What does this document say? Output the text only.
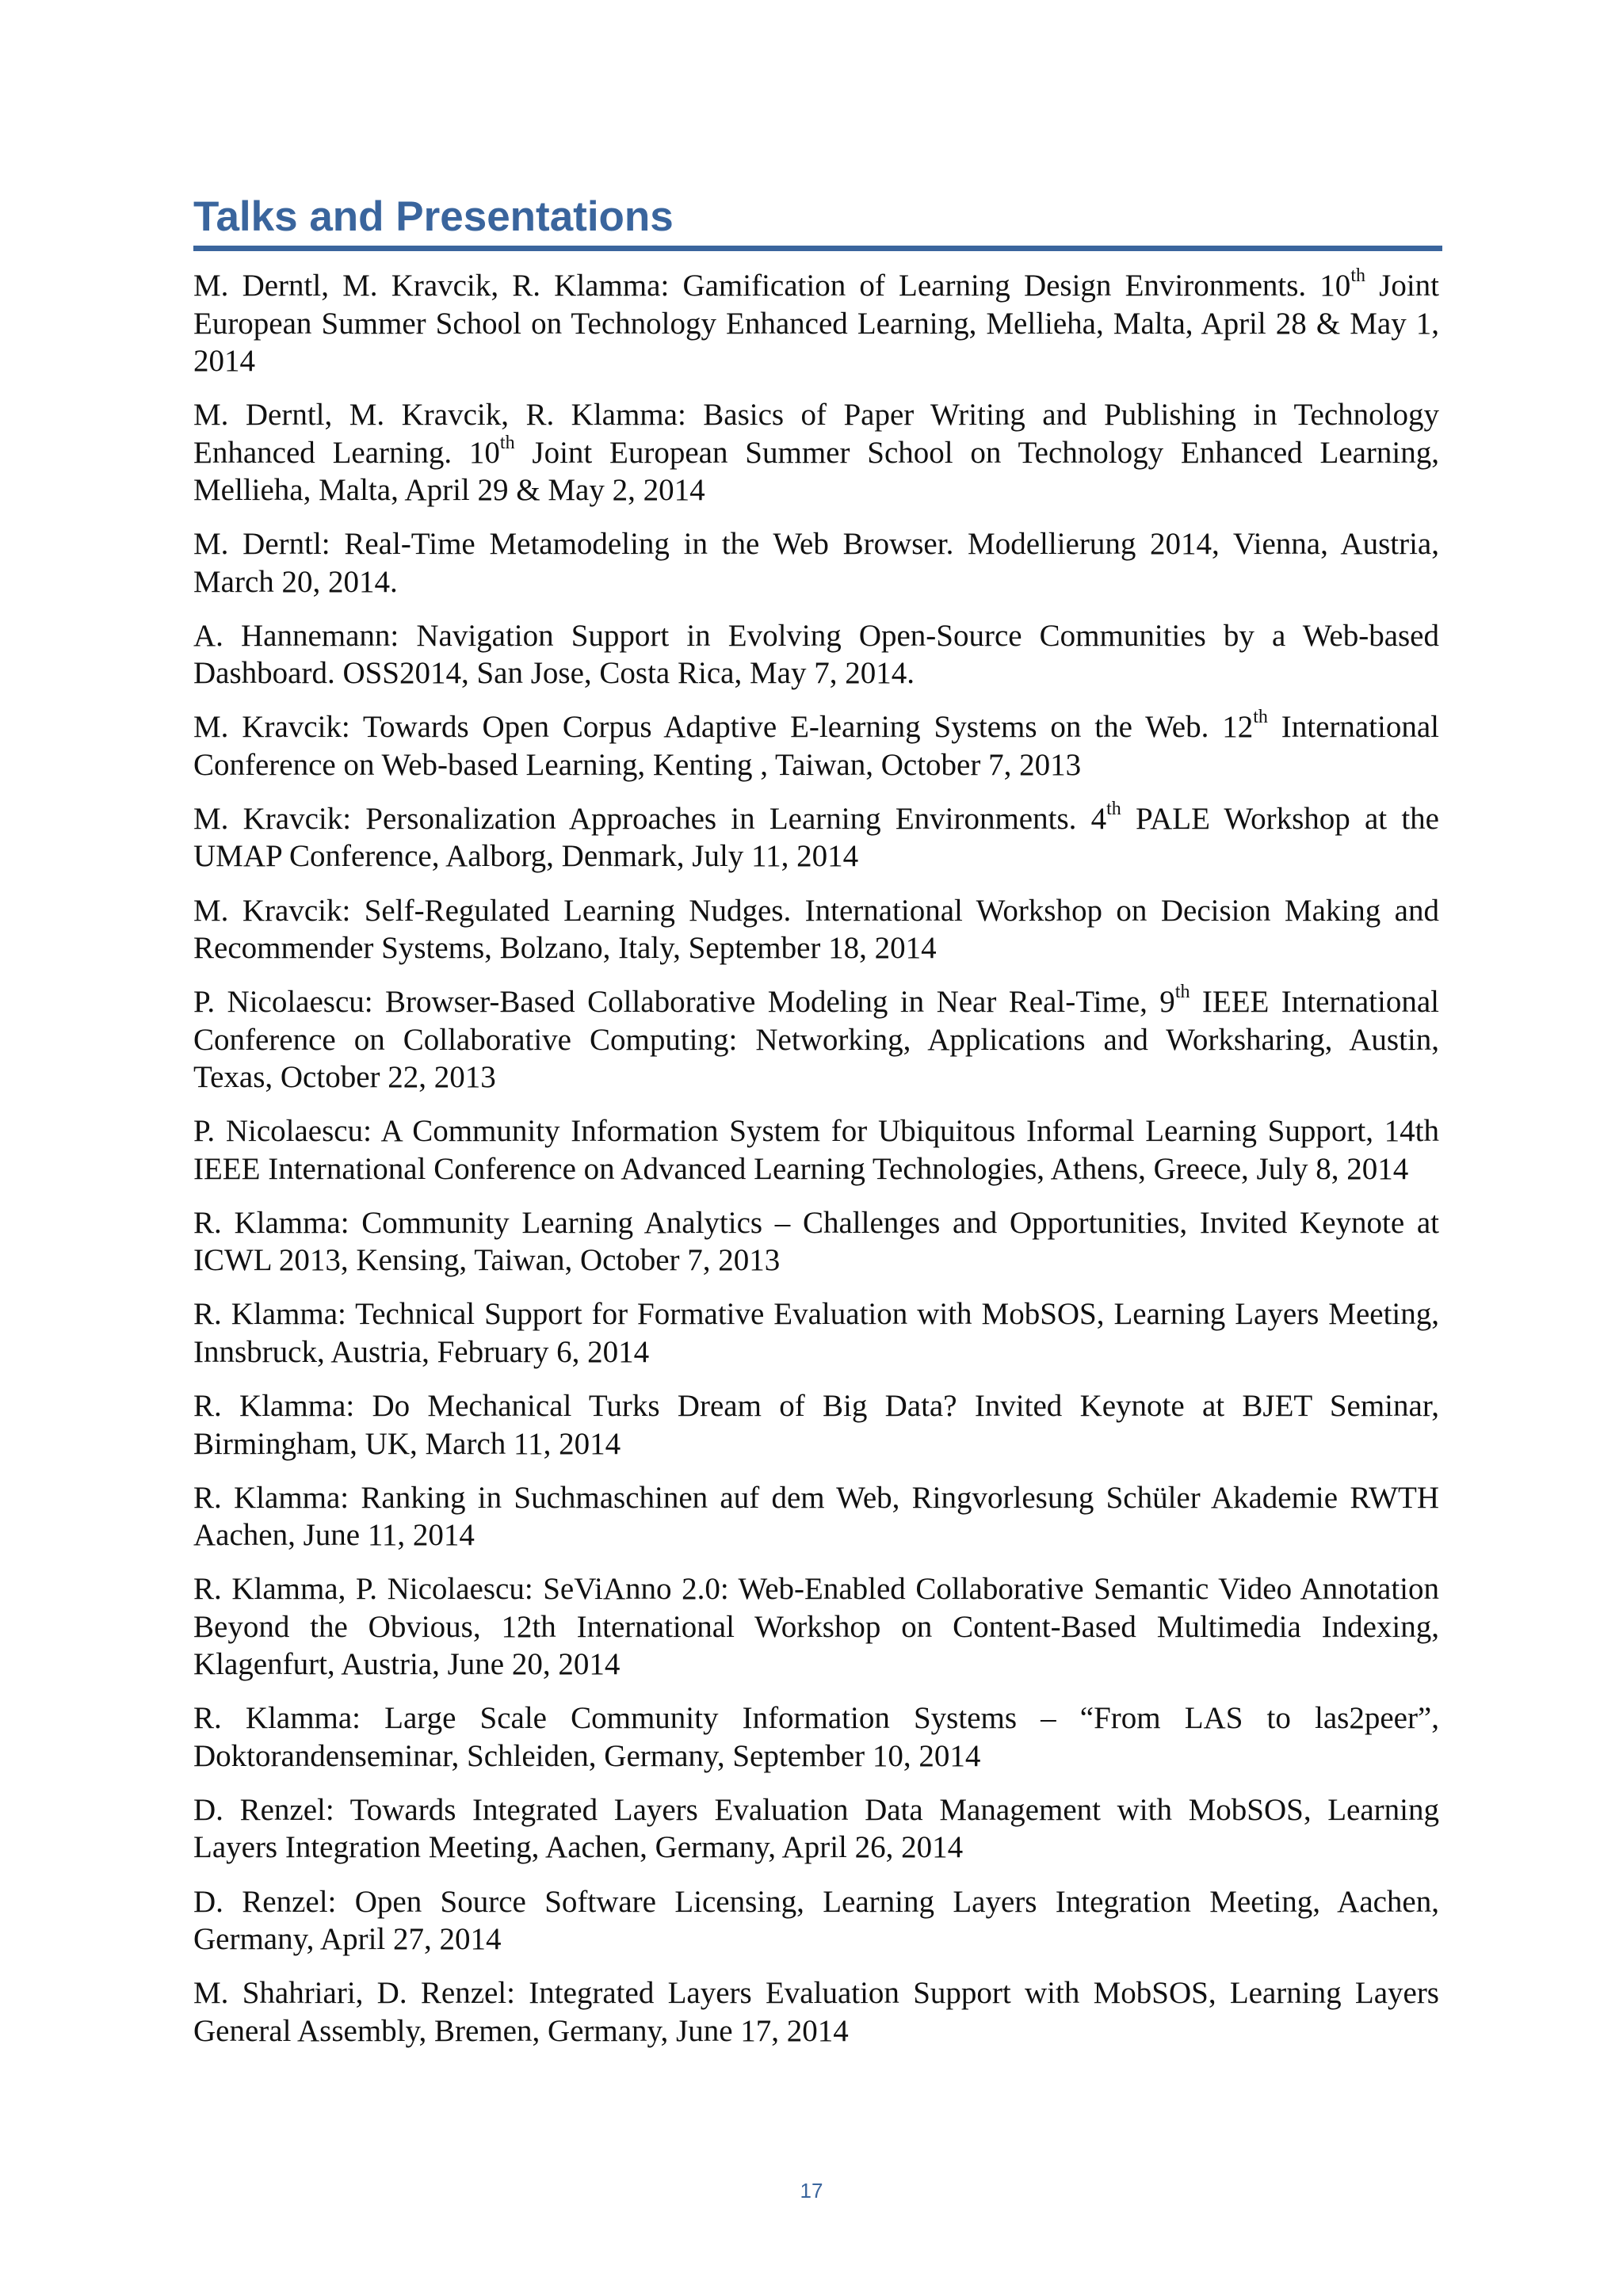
Talks and Presentations
M. Derntl, M. Kravcik, R. Klamma: Gamification of Learning Design Environments. 10th Joint European Summer School on Technology Enhanced Learning, Mellieha, Malta, April 28 & May 1, 2014
M. Derntl, M. Kravcik, R. Klamma: Basics of Paper Writing and Publishing in Technology Enhanced Learning. 10th Joint European Summer School on Technology Enhanced Learning, Mellieha, Malta, April 29 & May 2, 2014
M. Derntl: Real-Time Metamodeling in the Web Browser. Modellierung 2014, Vienna, Austria, March 20, 2014.
A. Hannemann: Navigation Support in Evolving Open-Source Communities by a Web-based Dashboard. OSS2014, San Jose, Costa Rica, May 7, 2014.
M. Kravcik: Towards Open Corpus Adaptive E-learning Systems on the Web. 12th International Conference on Web-based Learning, Kenting , Taiwan, October 7, 2013
M. Kravcik: Personalization Approaches in Learning Environments. 4th PALE Workshop at the UMAP Conference, Aalborg, Denmark, July 11, 2014
M. Kravcik: Self-Regulated Learning Nudges. International Workshop on Decision Making and Recommender Systems, Bolzano, Italy, September 18, 2014
P. Nicolaescu: Browser-Based Collaborative Modeling in Near Real-Time, 9th IEEE International Conference on Collaborative Computing: Networking, Applications and Worksharing, Austin, Texas, October 22, 2013
P. Nicolaescu: A Community Information System for Ubiquitous Informal Learning Support, 14th IEEE International Conference on Advanced Learning Technologies, Athens, Greece, July 8, 2014
R. Klamma: Community Learning Analytics – Challenges and Opportunities, Invited Keynote at ICWL 2013, Kensing, Taiwan, October 7, 2013
R. Klamma: Technical Support for Formative Evaluation with MobSOS, Learning Layers Meeting, Innsbruck, Austria, February 6, 2014
R. Klamma: Do Mechanical Turks Dream of Big Data? Invited Keynote at BJET Seminar, Birmingham, UK, March 11, 2014
R. Klamma: Ranking in Suchmaschinen auf dem Web, Ringvorlesung Schüler Akademie RWTH Aachen, June 11, 2014
R. Klamma, P. Nicolaescu: SeViAnno 2.0: Web-Enabled Collaborative Semantic Video Annotation Beyond the Obvious, 12th International Workshop on Content-Based Multimedia Indexing, Klagenfurt, Austria, June 20, 2014
R. Klamma: Large Scale Community Information Systems – “From LAS to las2peer”, Doktorandenseminar, Schleiden, Germany, September 10, 2014
D. Renzel: Towards Integrated Layers Evaluation Data Management with MobSOS, Learning Layers Integration Meeting, Aachen, Germany, April 26, 2014
D. Renzel: Open Source Software Licensing, Learning Layers Integration Meeting, Aachen, Germany, April 27, 2014
M. Shahriari, D. Renzel: Integrated Layers Evaluation Support with MobSOS, Learning Layers General Assembly, Bremen, Germany, June 17, 2014
17
